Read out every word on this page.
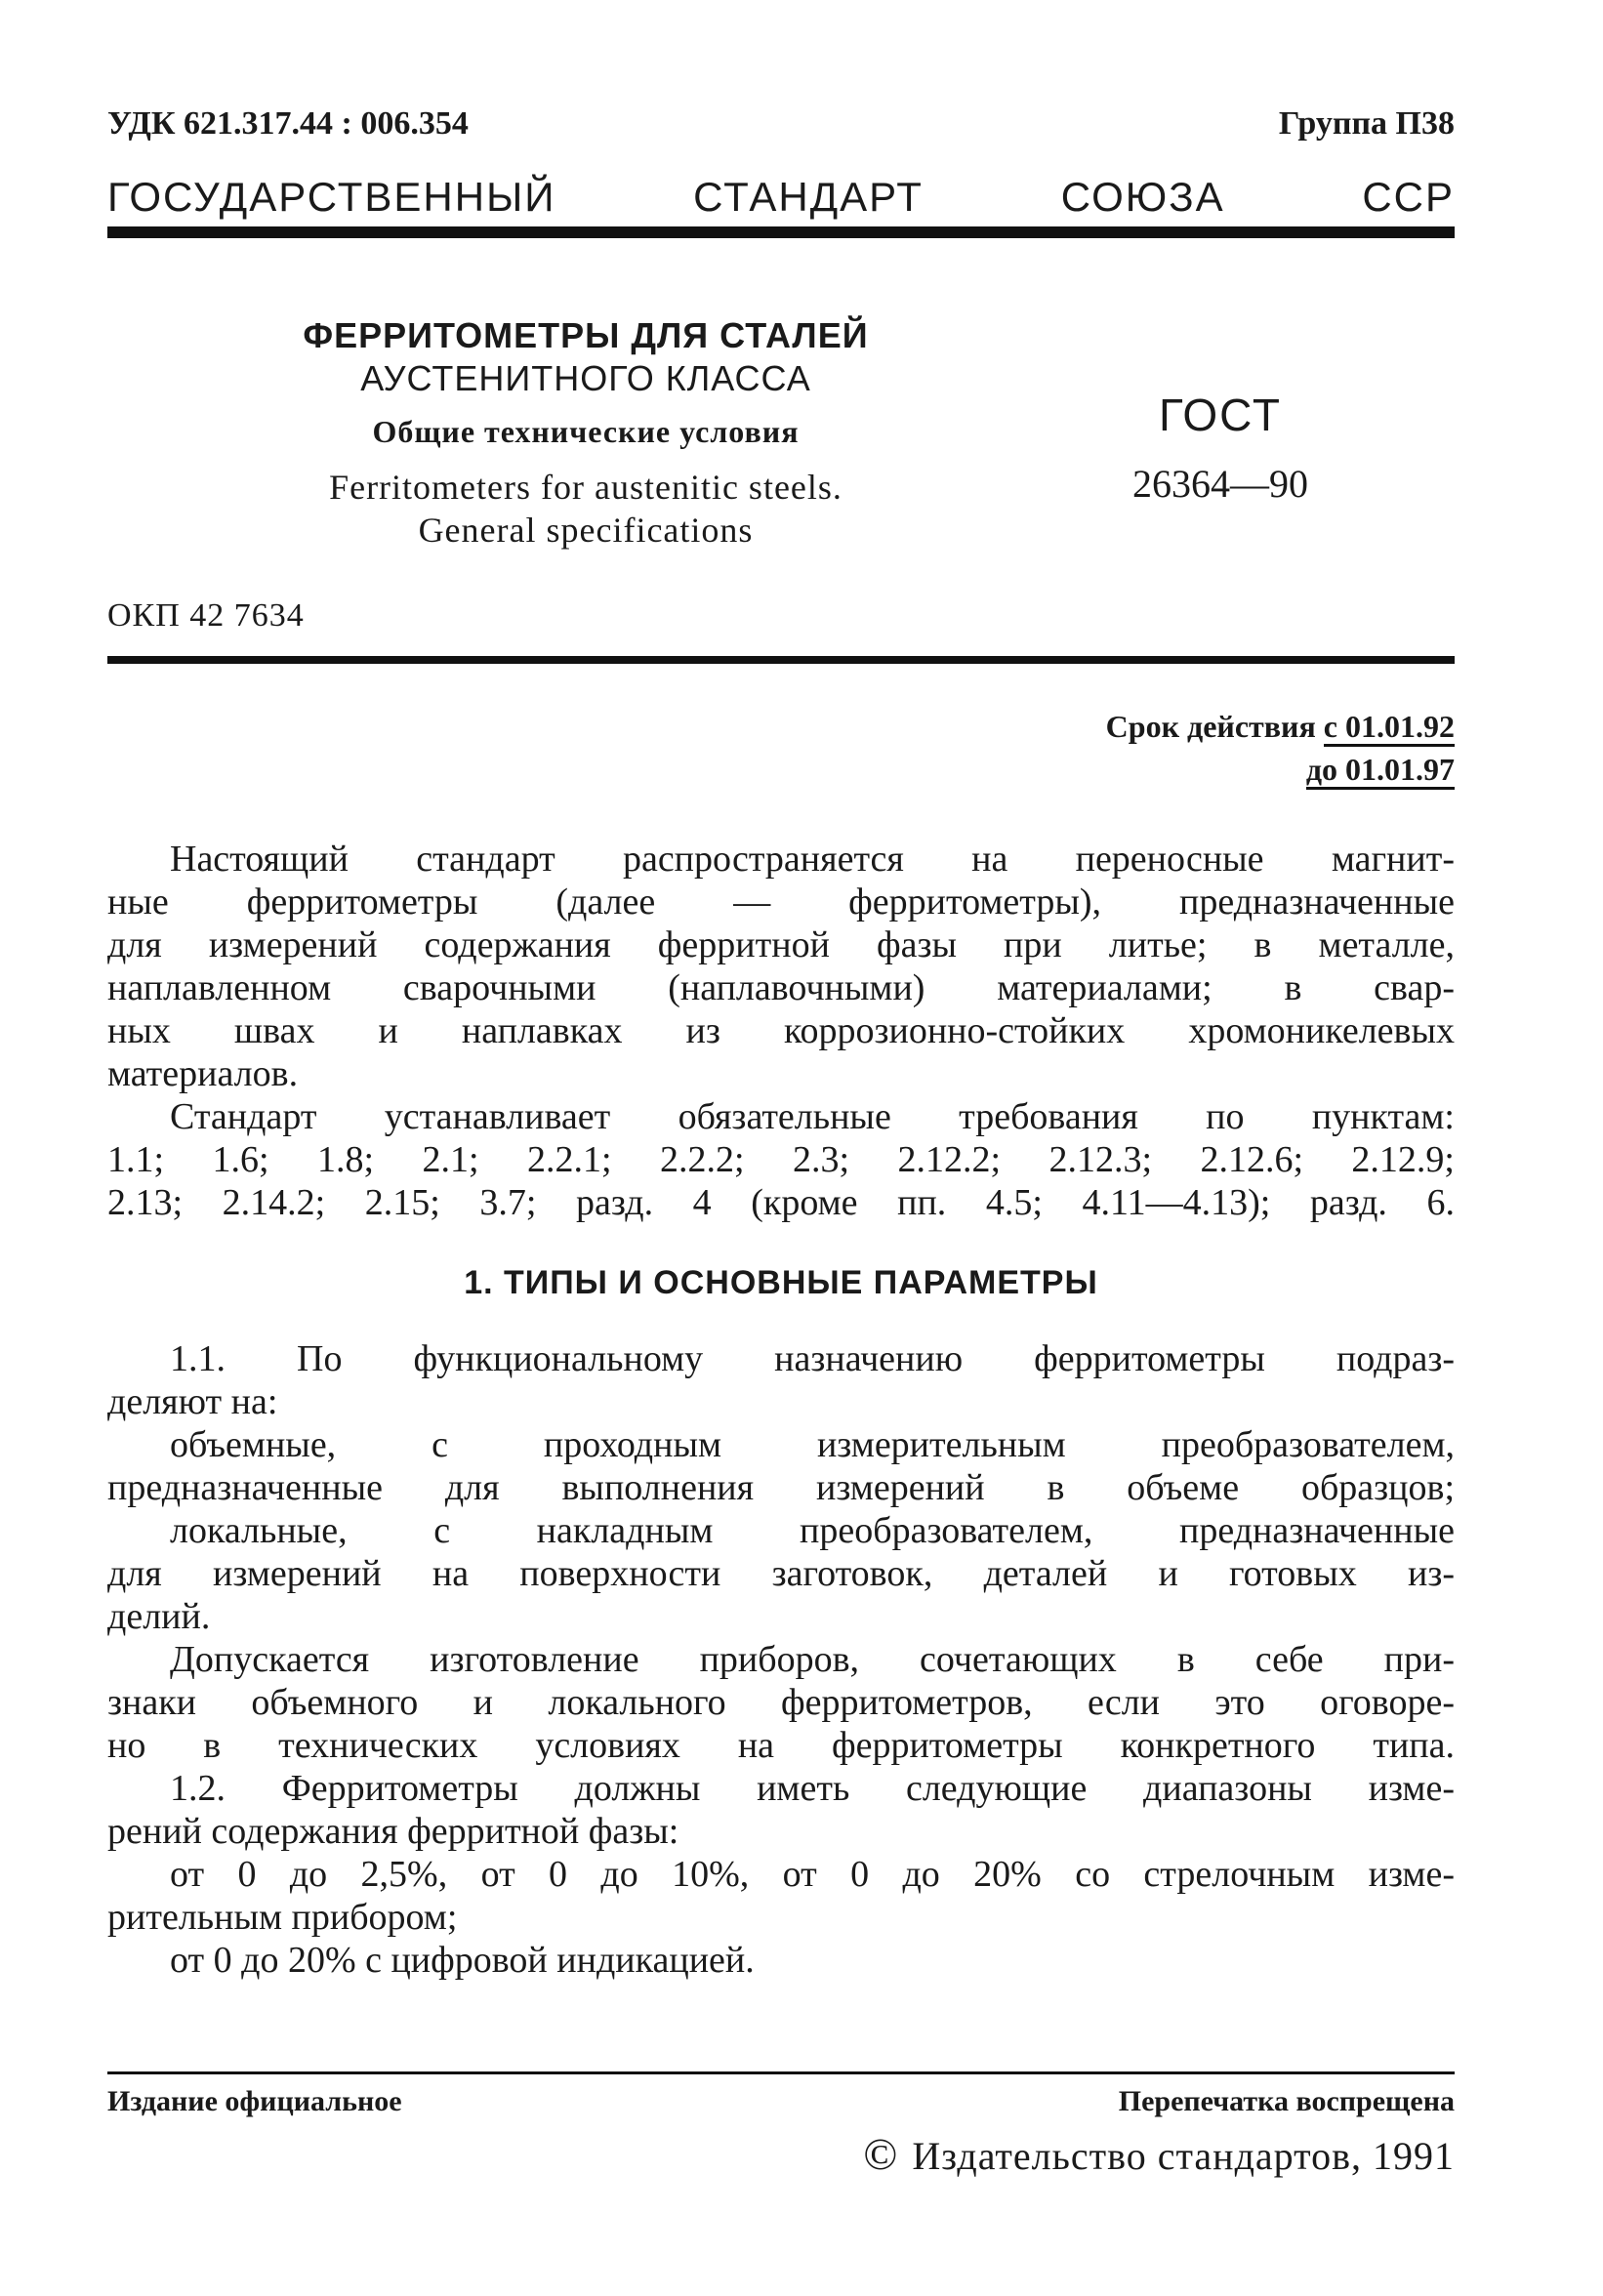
УДК 621.317.44 : 006.354	Группа П38
ГОСУДАРСТВЕННЫЙ СТАНДАРТ СОЮЗА ССР
ФЕРРИТОМЕТРЫ ДЛЯ СТАЛЕЙ
АУСТЕНИТНОГО КЛАССА
Общие технические условия
Ferritometers for austenitic steels.
General specifications
ГОСТ
26364—90
ОКП 42 7634
Срок действия с 01.01.92
до 01.01.97

Настоящий стандарт распространяется на переносные магнит-

ные ферритометры (далее — ферритометры), предназначенные

для измерений содержания ферритной фазы при литье; в металле,

наплавленном сварочными (наплавочными) материалами; в свар-

ных швах и наплавках из коррозионно-стойких хромоникелевых

материалов.

Стандарт устанавливает обязательные требования по пунктам:

1.1; 1.6; 1.8; 2.1; 2.2.1; 2.2.2; 2.3; 2.12.2; 2.12.3; 2.12.6; 2.12.9;

2.13; 2.14.2; 2.15; 3.7; разд. 4 (кроме пп. 4.5; 4.11—4.13); разд. 6.

1. ТИПЫ И ОСНОВНЫЕ ПАРАМЕТРЫ

1.1. По функциональному назначению ферритометры подраз-

деляют на:

объемные, с проходным измерительным преобразователем,

предназначенные для выполнения измерений в объеме образцов;

локальные, с накладным преобразователем, предназначенные

для измерений на поверхности заготовок, деталей и готовых из-

делий.

Допускается изготовление приборов, сочетающих в себе при-

знаки объемного и локального ферритометров, если это оговоре-

но в технических условиях на ферритометры конкретного типа.

1.2. Ферритометры должны иметь следующие диапазоны изме-

рений содержания ферритной фазы:

от 0 до 2,5%, от 0 до 10%, от 0 до 20% со стрелочным изме-

рительным прибором;

от 0 до 20% с цифровой индикацией.

Издание официальное	Перепечатка воспрещена
© Издательство стандартов, 1991
